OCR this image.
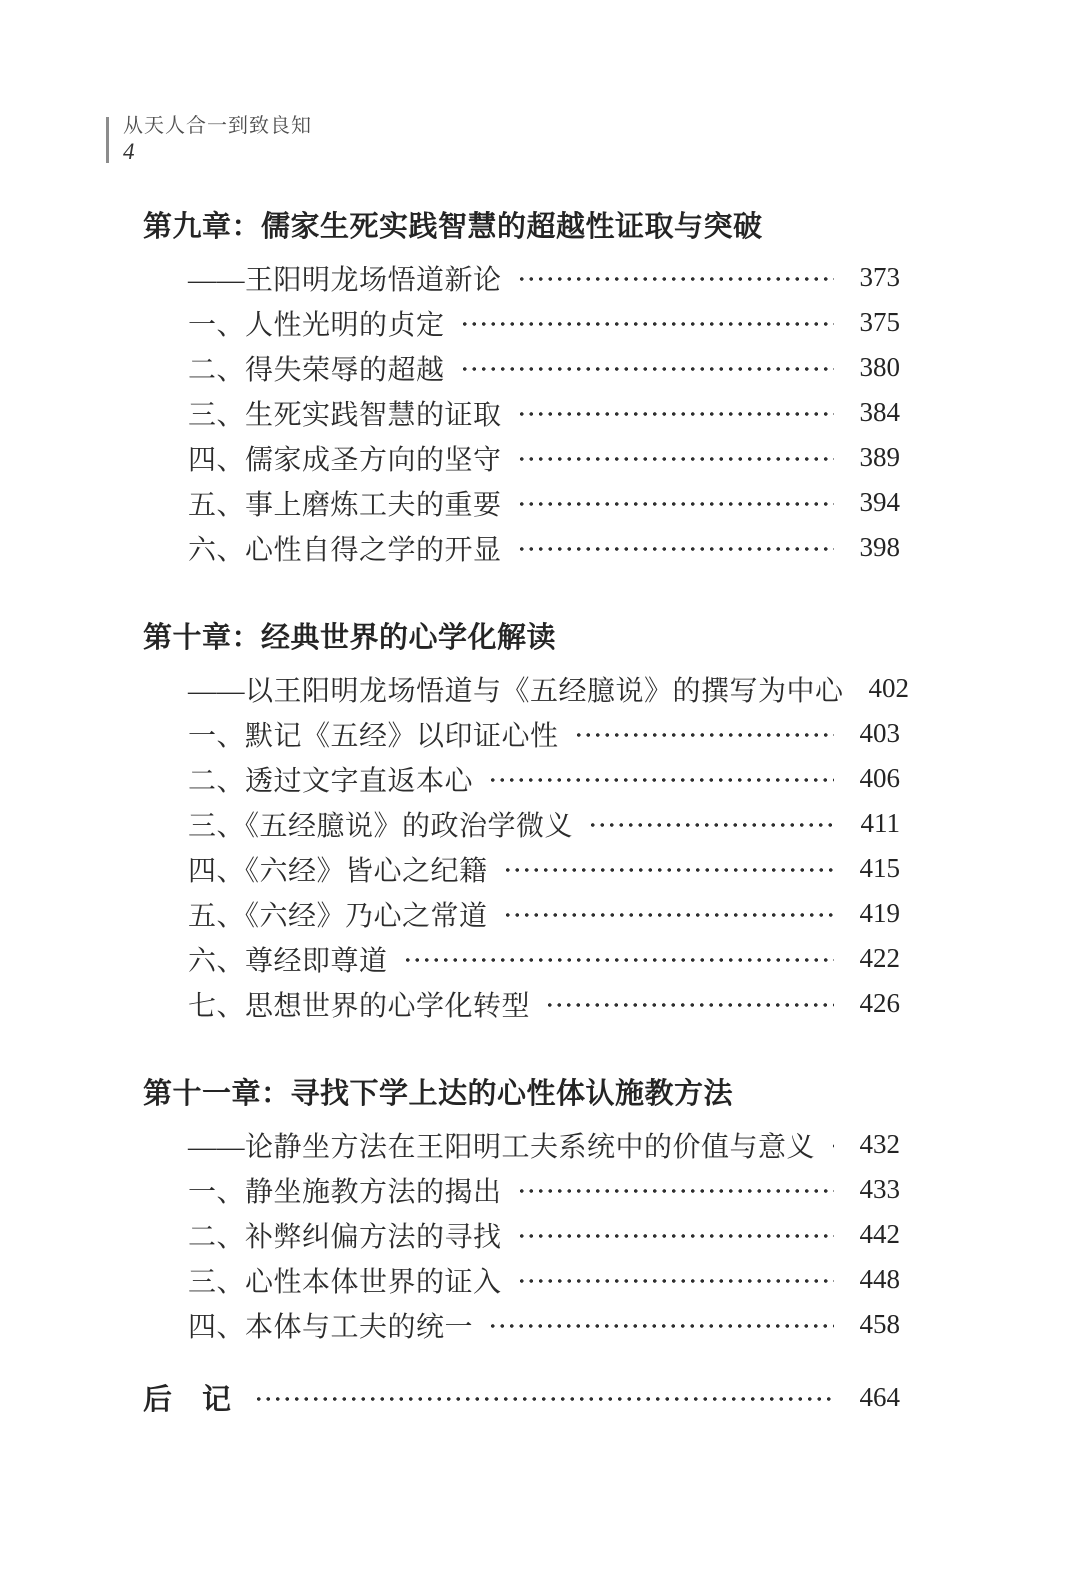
从天人合一到致良知
4
第九章：儒家生死实践智慧的超越性证取与突破
——王阳明龙场悟道新论	373
一、人性光明的贞定	375
二、得失荣辱的超越	380
三、生死实践智慧的证取	384
四、儒家成圣方向的坚守	389
五、事上磨炼工夫的重要	394
六、心性自得之学的开显	398
第十章：经典世界的心学化解读
——以王阳明龙场悟道与《五经臆说》的撰写为中心 402
一、默记《五经》以印证心性	403
二、透过文字直返本心	406
三、《五经臆说》的政治学微义	411
四、《六经》皆心之纪籍	415
五、《六经》乃心之常道	419
六、尊经即尊道	422
七、思想世界的心学化转型	426
第十一章：寻找下学上达的心性体认施教方法
——论静坐方法在王阳明工夫系统中的价值与意义	432
一、静坐施教方法的揭出	433
二、补弊纠偏方法的寻找	442
三、心性本体世界的证入	448
四、本体与工夫的统一	458
后　记	464
